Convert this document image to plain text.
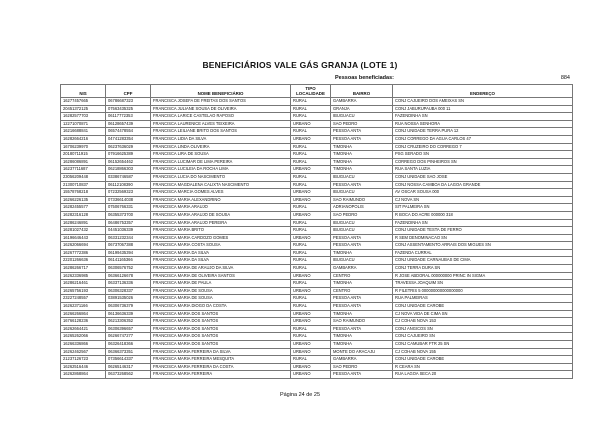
BENEFICIÁRIOS VALE GÁS GRANJA (LOTE 1)
Pessoas beneficiadas:	884
NIS	CPF	NOME BENEFICIÁRIO	TIPO LOCALIDADE	BAIRRO	ENDEREÇO
16277457665	06786687323	FRANCISCA JOSEFA DE FREITAS DOS SANTOS	RURAL	GAMBARRA	CONJ CAJUEIRO DOS AMEIXAS SN
20451372125	07563435325	FRANCISCA JULIANE SOUSA DE OLIVEIRA	RURAL	GRANJA	CONJ JABURUPAUBA 000 11
16282577703	06117772353	FRANCISCA LARICE CASTELAO RAPOSO	RURAL	IBUGUACU	FAZENDINHA SN
12271070871	06128657439	FRANCISCA LAURENICE ALVES TEIXEIRA	URBANO	SAO PEDRO	RUA NOSSA SENHORA
16216688841	06574478554	FRANCISCA LEILIANE BRITO DOS SANTOS	RURAL	PESSOA ANTA	CONJ UNIDADE TERRA PURA 12
16282664216	04741283354	FRANCISCA LIDIA DA SILVA	URBANO	PESSOA ANTA	CONJ CORREGO DA AGUA CARLOS 47
16706239970	06237636029	FRANCISCA LINDA OLIVEIRA	RURAL	TIMONHA	CONJ CRUZEIRO DO CORREGO 7
20180711915	07916625389	FRANCISCA LIRA DE SOUSA	RURAL	TIMONHA	PSG SERADO SN
16286086891	06152654462	FRANCISCA LUCIMAR DE LIMA PEREIRA	RURAL	TIMONHA	CORREGO DOS PINHEIROS SN
16237711687	06218866303	FRANCISCA LUCILEIA DA ROCHA LIMA	URBANO	TIMONHA	RUA SANTA LUZIA
23056209448	03386746587	FRANCISCA LUCIA DO NASCIMENTO	RURAL	IBUGUACU	CONJ UNIDADE SAO JOSE
21300710837	06112108390	FRANCISCA MAGDALENA CALIXTA NASCIMENTO	RURAL	PESSOA ANTA	CONJ NOSSA CAMBOA DA LAGOA GRANDE
15578768218	07232569323	FRANCISCA MARCIA GOMES ALVES	URBANO	IBUGUACU	AV OSCAR SOUSA 000
16266226135	07336614038	FRANCISCA MARIA ALEXANDRINO	URBANO	SAO RAIMUNDO	CJ NOVA SN
16282455577	07506766331	FRANCISCA MARIA ARAUJO	RURAL	ADRIANOPOLIS	SIT PALMEIRA SN
16282316128	06355373700	FRANCISCA MARIA ARAUJO DE SOUSA	URBANO	SAO PEDRO	R BOCA DO ACRE 000000 318
16286246891	06486753357	FRANCISCA MARIA ARAUJO PEREIRA	RURAL	IBUGUACU	FAZENDINHA SN
16281027432	04451036339	FRANCISCA MARIA BRITO	RURAL	IBUGUACU	CONJ UNIDADE TESTA DE FERRO
16196646443	06331232344	FRANCISCA MARIA CARDOZO GOMES	URBANO	PESSOA ANTA	R SEM DENOMINACAO SN
16262066694	06737067388	FRANCISCA MARIA COSTA SOUSA	RURAL	PESSOA ANTA	CONJ ASSENTAMENTO ARRAIS DOS MIGUES SN
16267772386	06199435394	FRANCISCA MARIA DA SILVA	RURAL	TIMONHA	FAZENDA CURRAL
22201266636	06141165366	FRANCISCA MARIA DA SILVA	RURAL	IBUGUACU	CONJ UNIDADE CARNAUBAS DE CIMA
16286266717	06306576752	FRANCISCA MARIA DE ARAUJO DA SILVA	RURAL	GAMBARRA	CONJ TERRA DURA SN
16262336985	06366126678	FRANCISCA MARIA DE OLIVEIRA SANTOS	URBANO	CENTRO	R JOSE ABDORAL 000000000 PRINC IN SIGMA
16286216461	06337136336	FRANCISCA MARIA DE PAULA	RURAL	TIMONHA	TRAVESSA JOAQUIM SN
16265756193	06306328337	FRANCISCA MARIA DE SOUSA	URBANO	CENTRO	R FILETRIS 5 000000000000000000
23227248557	03891535026	FRANCISCA MARIA DE SOUSA	RURAL	PESSOA ANTA	RUA PALMEIRAS
16262371166	06306736379	FRANCISCA MARIA DIOGO DA COSTA	RURAL	PESSOA ANTA	CONJ UNIDADE CAROBE
16266266864	06136636339	FRANCISCA MARIA DOS SANTOS	URBANO	TIMONHA	CJ NOVA VIDA DE CIMA SN
16766128236	06213306352	FRANCISCA MARIA DOS SANTOS	URBANO	SAO RAIMUNDO	CJ COHAB NOVA 153
16262664421	06306396657	FRANCISCA MARIA DOS SANTOS	RURAL	PESSOA ANTA	CONJ ANGICOS SN
16265262066	06266747277	FRANCISCA MARIA DOS SANTOS	RURAL	TIMONHA	CONJ CAJUEIRO SN
16266336866	06326418366	FRANCISCA MARIA DOS SANTOS	URBANO	TIMONHA	CONJ CAMUBAR FTR 25 SN
16262462567	06366373351	FRANCISCA MARIA FERREIRA DA SILVA	URBANO	MONTE DO ARACAJU	CJ COHAB NOVA 155
21237126723	07356614337	FRANCISCA MARIA FERREIRA MESQUITA	RURAL	GAMBARRA	CONJ UNIDADE CAROBE
16262516446	06265146317	FRANCISCA MARIA FERREIRA DA COSTA	URBANO	SAO PEDRO	R CEARA SN
16262868864	06373268562	FRANCISCA MARIA FERREIRA	URBANO	PESSOA ANTA	RUA LAGOA SECA 20
Página 24 de 25
